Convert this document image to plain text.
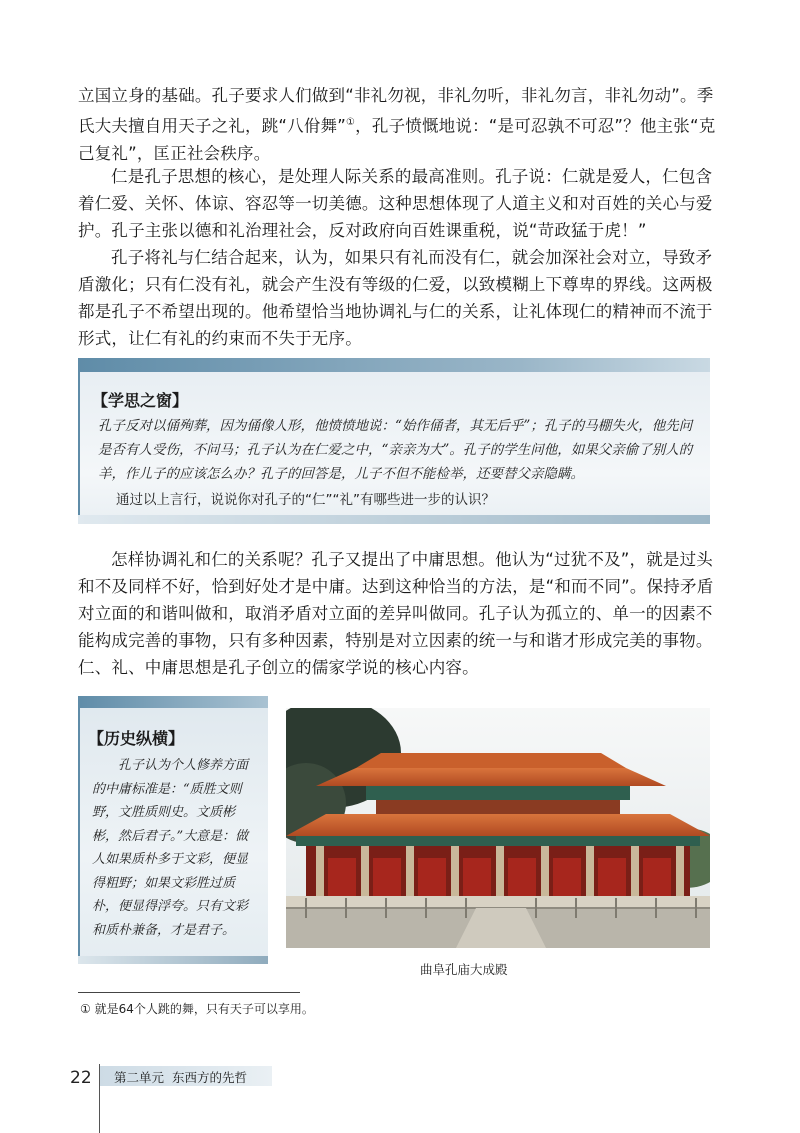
立国立身的基础。孔子要求人们做到“非礼勿视，非礼勿听，非礼勿言，非礼勿动”。季氏大夫擅自用天子之礼，跳“八佾舞”①，孔子愤慨地说：“是可忍孰不可忍”？他主张“克己复礼”，匡正社会秩序。

仁是孔子思想的核心，是处理人际关系的最高准则。孔子说：仁就是爱人，仁包含着仁爱、关怀、体谅、容忍等一切美德。这种思想体现了人道主义和对百姓的关心与爱护。孔子主张以德和礼治理社会，反对政府向百姓课重税，说“苛政猛于虎！”

孔子将礼与仁结合起来，认为，如果只有礼而没有仁，就会加深社会对立，导致矛盾激化；只有仁没有礼，就会产生没有等级的仁爱，以致模糊上下尊卑的界线。这两极都是孔子不希望出现的。他希望恰当地协调礼与仁的关系，让礼体现仁的精神而不流于形式，让仁有礼的约束而不失于无序。

【学思之窗】

孔子反对以俑殉葬，因为俑像人形，他愤愤地说：“始作俑者，其无后乎”；孔子的马棚失火，他先问是否有人受伤，不问马；孔子认为在仁爱之中，“亲亲为大”。孔子的学生问他，如果父亲偷了别人的羊，作儿子的应该怎么办？孔子的回答是，儿子不但不能检举，还要替父亲隐瞒。

通过以上言行，说说你对孔子的“仁”“礼”有哪些进一步的认识？

怎样协调礼和仁的关系呢？孔子又提出了中庸思想。他认为“过犹不及”，就是过头和不及同样不好，恰到好处才是中庸。达到这种恰当的方法，是“和而不同”。保持矛盾对立面的和谐叫做和，取消矛盾对立面的差异叫做同。孔子认为孤立的、单一的因素不能构成完善的事物，只有多种因素，特别是对立因素的统一与和谐才形成完美的事物。仁、礼、中庸思想是孔子创立的儒家学说的核心内容。

【历史纵横】

孔子认为个人修养方面的中庸标准是：“质胜文则野，文胜质则史。文质彬彬，然后君子。”大意是：做人如果质朴多于文彩，便显得粗野；如果文彩胜过质朴，便显得浮夸。只有文彩和质朴兼备，才是君子。

曲阜孔庙大成殿
① 就是64个人跳的舞，只有天子可以享用。
22 第二单元 东西方的先哲
